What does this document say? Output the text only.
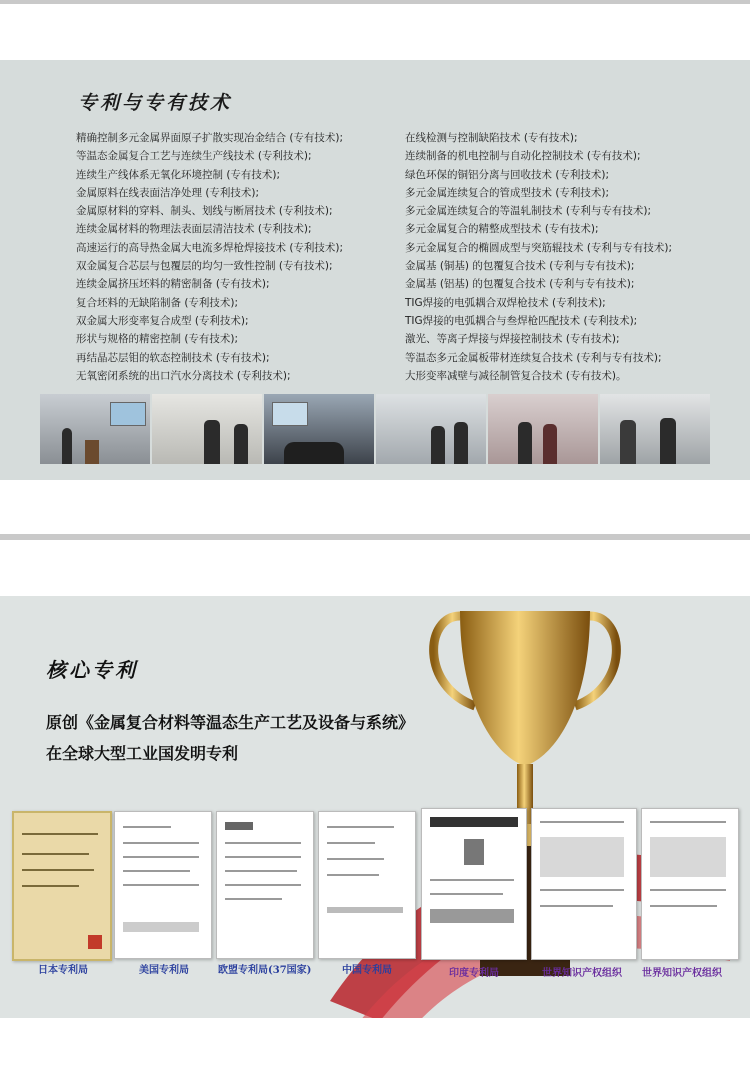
专利与专有技术
精确控制多元金属界面原子扩散实现冶金结合 (专有技术);
等温态金属复合工艺与连续生产线技术 (专利技术);
连续生产线体系无氧化环境控制 (专有技术);
金属原料在线表面洁净处理 (专利技术);
金属原材料的穿料、制头、划线与断屑技术 (专利技术);
连续金属材料的物理法表面层清洁技术 (专利技术);
高速运行的高导热金属大电流多焊枪焊接技术 (专利技术);
双金属复合芯层与包覆层的均匀一致性控制 (专有技术);
连续金属挤压坯料的精密制备 (专有技术);
复合坯料的无缺陷制备 (专利技术);
双金属大形变率复合成型 (专利技术);
形状与规格的精密控制 (专有技术);
再结晶芯层钼的软态控制技术 (专有技术);
无氧密闭系统的出口汽水分离技术 (专利技术);
在线检测与控制缺陷技术 (专有技术);
连续制备的机电控制与自动化控制技术 (专有技术);
绿色环保的铜铝分离与回收技术 (专利技术);
多元金属连续复合的管成型技术 (专利技术);
多元金属连续复合的等温轧制技术 (专利与专有技术);
多元金属复合的精整成型技术 (专有技术);
多元金属复合的椭圆成型与突筋辊技术 (专利与专有技术);
金属基 (铜基) 的包覆复合技术 (专利与专有技术);
金属基 (铝基) 的包覆复合技术 (专利与专有技术);
TIG焊接的电弧耦合双焊枪技术 (专利技术);
TIG焊接的电弧耦合与叁焊枪匹配技术 (专利技术);
激光、等离子焊接与焊接控制技术 (专有技术);
等温态多元金属板带材连续复合技术 (专利与专有技术);
大形变率减壁与减径制管复合技术 (专有技术)。
核心专利
原创《金属复合材料等温态生产工艺及设备与系统》
在全球大型工业国发明专利
日本专利局	美国专利局	欧盟专利局(37国家)	中国专利局	印度专利局	世界知识产权组织 世界知识产权组织
